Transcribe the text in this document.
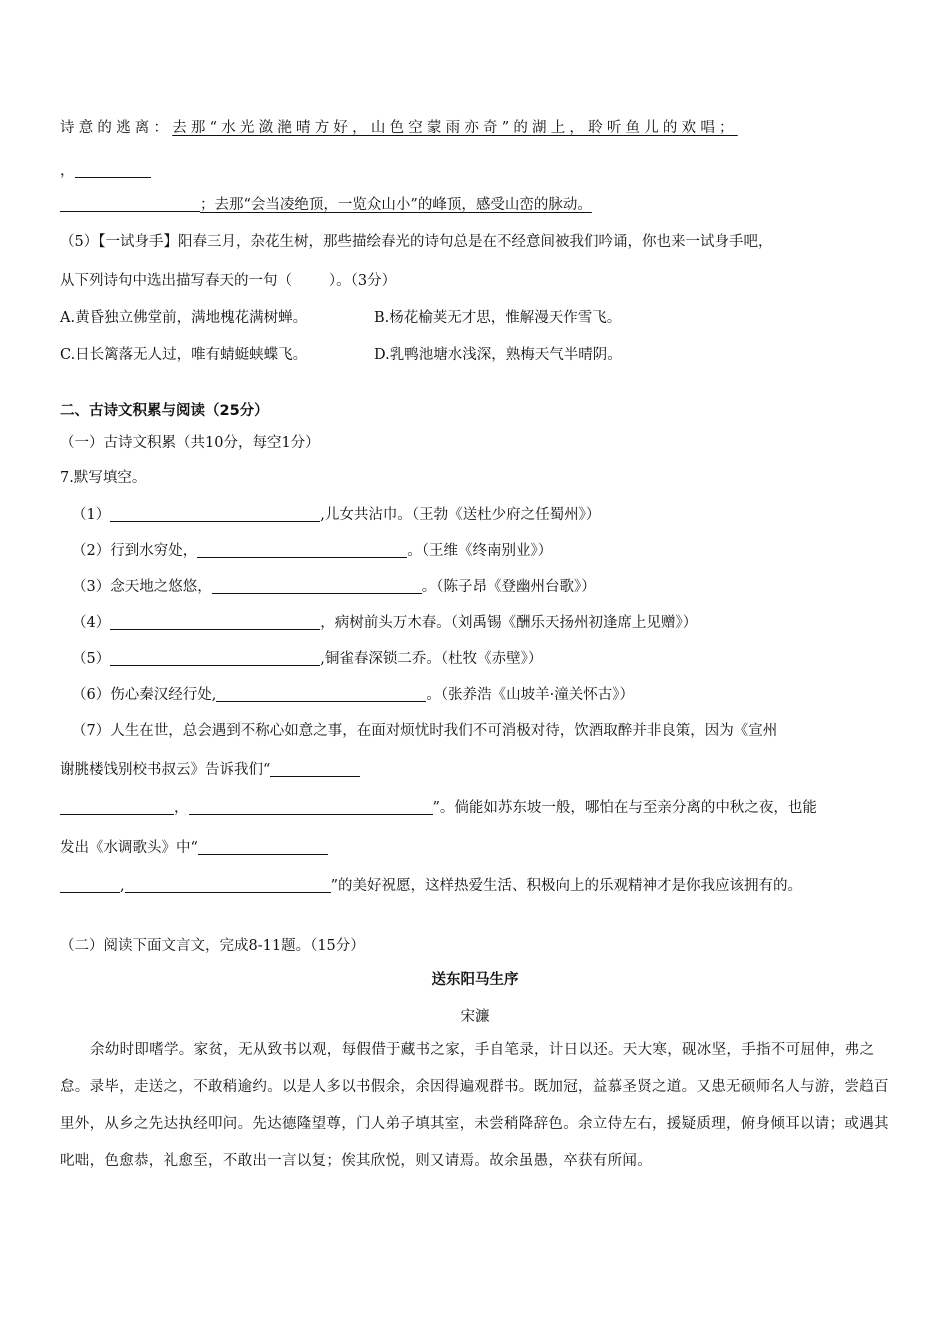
诗意的逃离：去那“水光潋滟晴方好，山色空蒙雨亦奇”的湖上，聆听鱼儿的欢唱；
，
；去那“会当凌绝顶，一览众山小”的峰顶，感受山峦的脉动。
（5）【一试身手】阳春三月，杂花生树，那些描绘春光的诗句总是在不经意间被我们吟诵，你也来一试身手吧，
从下列诗句中选出描写春天的一句（        ）。（3分）
A.黄昏独立佛堂前，满地槐花满树蝉。	B.杨花榆荚无才思，惟解漫天作雪飞。
C.日长篱落无人过，唯有蜻蜓蛱蝶飞。	D.乳鸭池塘水浅深，熟梅天气半晴阴。
二、古诗文积累与阅读（25分）
（一）古诗文积累（共10分，每空1分）
7.默写填空。
（1）	,儿女共沾巾。（王勃《送杜少府之任蜀州》）
（2）行到水穷处，	。（王维《终南别业》）
（3）念天地之悠悠，	。（陈子昂《登幽州台歌》）
（4）	，病树前头万木春。（刘禹锡《酬乐天扬州初逢席上见赠》）
（5）	,铜雀春深锁二乔。（杜牧《赤壁》）
（6）伤心秦汉经行处,	。（张养浩《山坡羊·潼关怀古》）
（7）人生在世，总会遇到不称心如意之事，在面对烦忧时我们不可消极对待，饮酒取醉并非良策，因为《宣州
谢朓楼饯别校书叔云》告诉我们“
，	”。倘能如苏东坡一般，哪怕在与至亲分离的中秋之夜，也能
发出《水调歌头》中“
,	”的美好祝愿，这样热爱生活、积极向上的乐观精神才是你我应该拥有的。
（二）阅读下面文言文，完成8-11题。（15分）
送东阳马生序
宋濂
余幼时即嗜学。家贫，无从致书以观，每假借于藏书之家，手自笔录，计日以还。天大寒，砚冰坚，手指不可屈伸，弗之怠。录毕，走送之，不敢稍逾约。以是人多以书假余，余因得遍观群书。既加冠，益慕圣贤之道。又患无硕师名人与游，尝趋百里外，从乡之先达执经叩问。先达德隆望尊，门人弟子填其室，未尝稍降辞色。余立侍左右，援疑质理，俯身倾耳以请；或遇其叱咄，色愈恭，礼愈至，不敢出一言以复；俟其欣悦，则又请焉。故余虽愚，卒获有所闻。
